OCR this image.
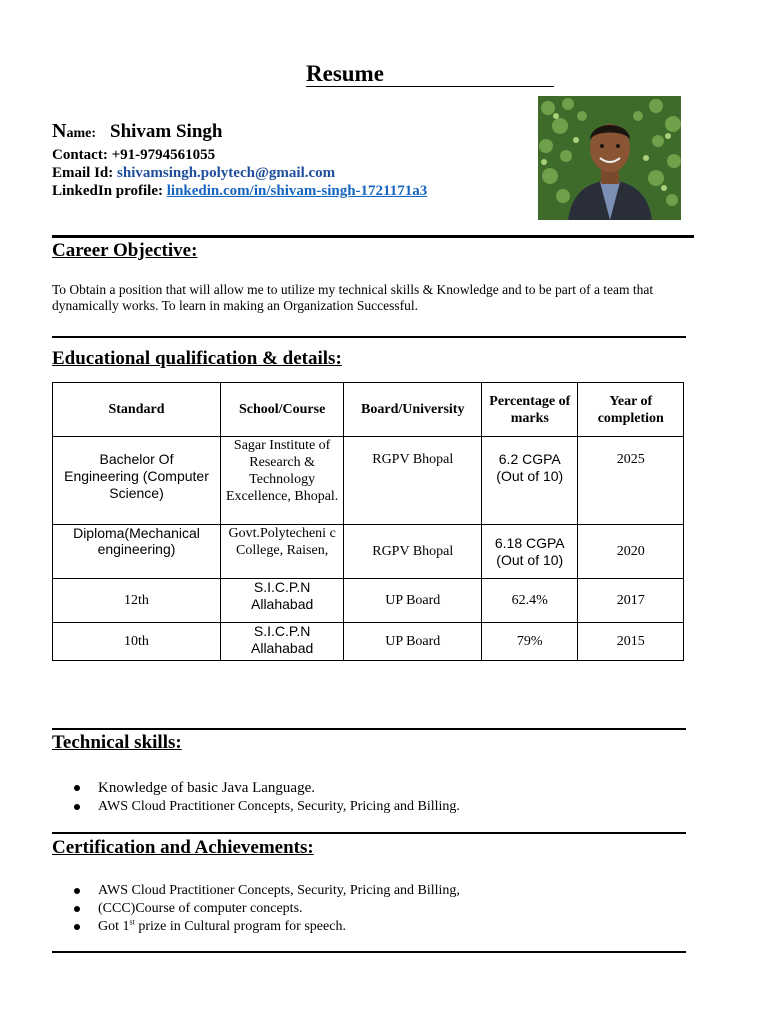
Resume
Name: Shivam Singh
Contact: +91-9794561055
Email Id: shivamsingh.polytech@gmail.com
LinkedIn profile: linkedin.com/in/shivam-singh-1721171a3
Career Objective:
To Obtain a position that will allow me to utilize my technical skills & Knowledge and to be part of a team that dynamically works. To learn in making an Organization Successful.
Educational qualification & details:
Standard	School/Course	Board/University	Percentage of marks	Year of completion
Bachelor Of Engineering (Computer Science)	Sagar Institute of Research & Technology Excellence, Bhopal.	RGPV Bhopal	6.2 CGPA (Out of 10)	2025
Diploma(Mechanical engineering)	Govt.Polytecheni c College, Raisen,	RGPV Bhopal	6.18 CGPA (Out of 10)	2020
12th	S.I.C.P.N Allahabad	UP Board	62.4%	2017
10th	S.I.C.P.N Allahabad	UP Board	79%	2015
Technical skills:
Knowledge of basic Java Language.
AWS Cloud Practitioner Concepts, Security, Pricing and Billing.
Certification and Achievements:
AWS Cloud Practitioner Concepts, Security, Pricing and Billing,
(CCC)Course of computer concepts.
Got 1st prize in Cultural program for speech.
